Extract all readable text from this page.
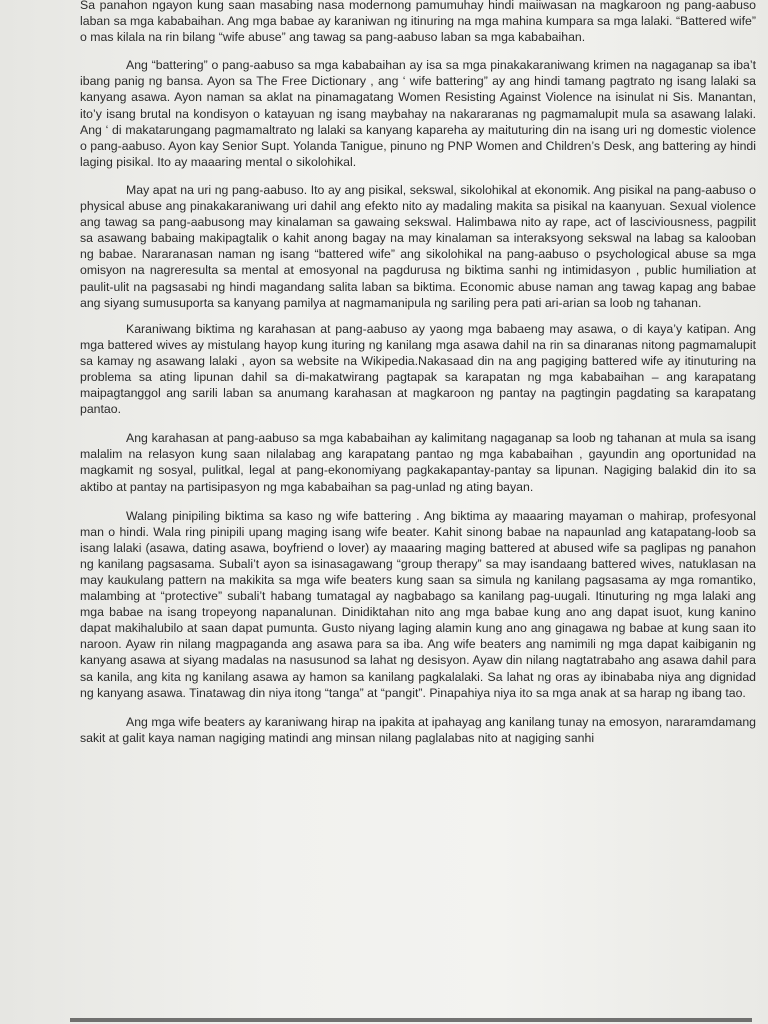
Sa panahon ngayon kung saan masabing nasa modernong pamumuhay hindi maiiwasan na magkaroon ng pang-aabuso laban sa mga kababaihan. Ang mga babae ay karaniwan ng itinuring na mga mahina kumpara sa mga lalaki. “Battered wife” o mas kilala na rin bilang “wife abuse” ang tawag sa pang-aabuso laban sa mga kababaihan.

Ang “battering” o pang-aabuso sa mga kababaihan ay isa sa mga pinakakaraniwang krimen na nagaganap sa iba’t ibang panig ng bansa. Ayon sa The Free Dictionary , ang ‘ wife battering” ay ang hindi tamang pagtrato ng isang lalaki sa kanyang asawa. Ayon naman sa aklat na pinamagatang Women Resisting Against Violence na isinulat ni Sis. Manantan, ito’y isang brutal na kondisyon o katayuan ng isang maybahay na nakararanas ng pagmamalupit mula sa asawang lalaki. Ang ‘ di makatarungang pagmamaltrato ng lalaki sa kanyang kapareha ay maituturing din na isang uri ng domestic violence o pang-aabuso. Ayon kay Senior Supt. Yolanda Tanigue, pinuno ng PNP Women and Children’s Desk, ang battering ay hindi laging pisikal. Ito ay maaaring mental o sikolohikal.

May apat na uri ng pang-aabuso. Ito ay ang pisikal, sekswal, sikolohikal at ekonomik. Ang pisikal na pang-aabuso o physical abuse ang pinakakaraniwang uri dahil ang efekto nito ay madaling makita sa pisikal na kaanyuan. Sexual violence ang tawag sa pang-aabusong may kinalaman sa gawaing sekswal. Halimbawa nito ay rape, act of lasciviousness, pagpilit sa asawang babaing makipagtalik o kahit anong bagay na may kinalaman sa interaksyong sekswal na labag sa kalooban ng babae. Nararanasan naman ng isang “battered wife” ang sikolohikal na pang-aabuso o psychological abuse sa mga omisyon na nagreresulta sa mental at emosyonal na pagdurusa ng biktima sanhi ng intimidasyon , public humiliation at paulit-ulit na pagsasabi ng hindi magandang salita laban sa biktima. Economic abuse naman ang tawag kapag ang babae ang siyang sumusuporta sa kanyang pamilya at nagmamanipula ng sariling pera pati ari-arian sa loob ng tahanan.

Karaniwang biktima ng karahasan at pang-aabuso ay yaong mga babaeng may asawa, o di kaya’y katipan. Ang mga battered wives ay mistulang hayop kung ituring ng kanilang mga asawa dahil na rin sa dinaranas nitong pagmamalupit sa kamay ng asawang lalaki , ayon sa website na Wikipedia.Nakasaad din na ang pagiging battered wife ay itinuturing na problema sa ating lipunan dahil sa di-makatwirang pagtapak sa karapatan ng mga kababaihan – ang karapatang maipagtanggol ang sarili laban sa anumang karahasan at magkaroon ng pantay na pagtingin pagdating sa karapatang pantao.

Ang karahasan at pang-aabuso sa mga kababaihan ay kalimitang nagaganap sa loob ng tahanan at mula sa isang malalim na relasyon kung saan nilalabag ang karapatang pantao ng mga kababaihan , gayundin ang oportunidad na magkamit ng sosyal, pulitkal, legal at pang-ekonomiyang pagkakapantay-pantay sa lipunan. Nagiging balakid din ito sa aktibo at pantay na partisipasyon ng mga kababaihan sa pag-unlad ng ating bayan.

Walang pinipiling biktima sa kaso ng wife battering . Ang biktima ay maaaring mayaman o mahirap, profesyonal man o hindi. Wala ring pinipili upang maging isang wife beater. Kahit sinong babae na napaunlad ang katapatang-loob sa isang lalaki (asawa, dating asawa, boyfriend o lover) ay maaaring maging battered at abused wife sa paglipas ng panahon ng kanilang pagsasama. Subali’t ayon sa isinasagawang “group therapy” sa may isandaang battered wives, natuklasan na may kaukulang pattern na makikita sa mga wife beaters kung saan sa simula ng kanilang pagsasama ay mga romantiko, malambing at “protective” subali’t habang tumatagal ay nagbabago sa kanilang pag-uugali. Itinuturing ng mga lalaki ang mga babae na isang tropeyong napanalunan. Dinidiktahan nito ang mga babae kung ano ang dapat isuot, kung kanino dapat makihalubilo at saan dapat pumunta. Gusto niyang laging alamin kung ano ang ginagawa ng babae at kung saan ito naroon. Ayaw rin nilang magpaganda ang asawa para sa iba. Ang wife beaters ang namimili ng mga dapat kaibiganin ng kanyang asawa at siyang madalas na nasusunod sa lahat ng desisyon. Ayaw din nilang nagtatrabaho ang asawa dahil para sa kanila, ang kita ng kanilang asawa ay hamon sa kanilang pagkalalaki. Sa lahat ng oras ay ibinababa niya ang dignidad ng kanyang asawa. Tinatawag din niya itong “tanga” at “pangit”. Pinapahiya niya ito sa mga anak at sa harap ng ibang tao.

Ang mga wife beaters ay karaniwang hirap na ipakita at ipahayag ang kanilang tunay na emosyon, nararamdamang sakit at galit kaya naman nagiging matindi ang minsan nilang paglalabas nito at nagiging sanhi
